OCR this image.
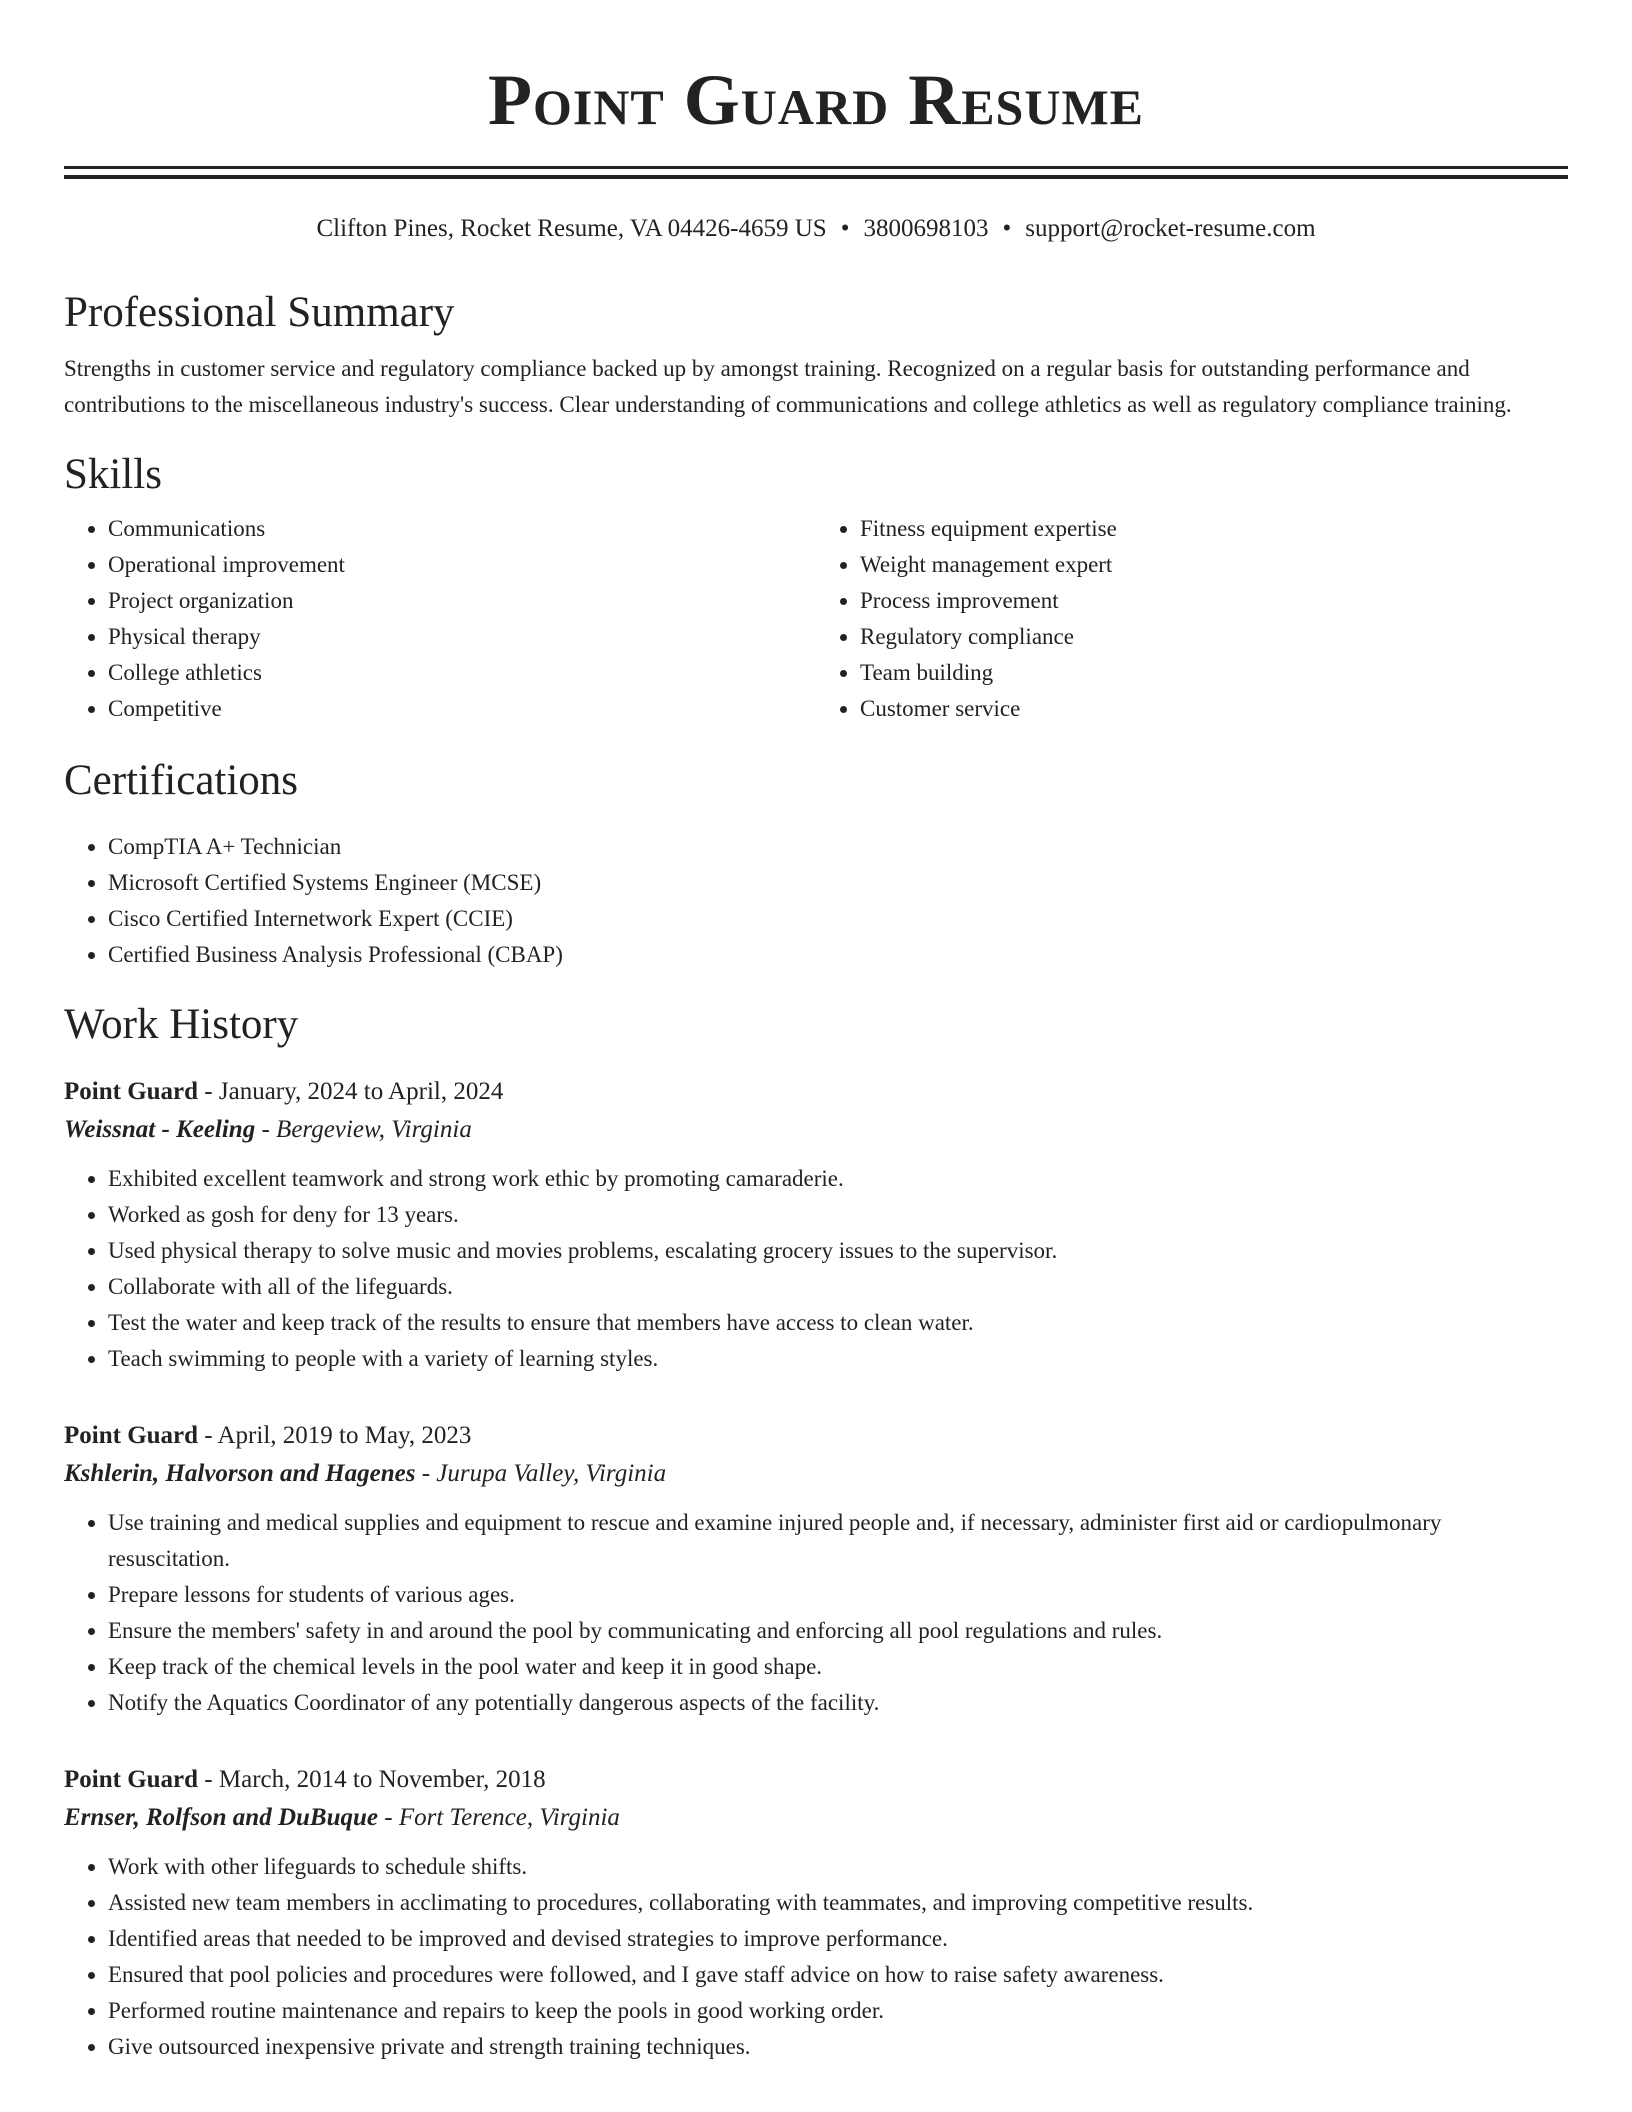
Point Guard Resume
Clifton Pines, Rocket Resume, VA 04426-4659 US • 3800698103 • support@rocket-resume.com
Professional Summary

Strengths in customer service and regulatory compliance backed up by amongst training. Recognized on a regular basis for outstanding performance and contributions to the miscellaneous industry's success. Clear understanding of communications and college athletics as well as regulatory compliance training.

Skills
• Communications
• Operational improvement
• Project organization
• Physical therapy
• College athletics
• Competitive
• Fitness equipment expertise
• Weight management expert
• Process improvement
• Regulatory compliance
• Team building
• Customer service
Certifications
• CompTIA A+ Technician
• Microsoft Certified Systems Engineer (MCSE)
• Cisco Certified Internetwork Expert (CCIE)
• Certified Business Analysis Professional (CBAP)
Work History
Point Guard - January, 2024 to April, 2024
Weissnat - Keeling - Bergeview, Virginia
• Exhibited excellent teamwork and strong work ethic by promoting camaraderie.
• Worked as gosh for deny for 13 years.
• Used physical therapy to solve music and movies problems, escalating grocery issues to the supervisor.
• Collaborate with all of the lifeguards.
• Test the water and keep track of the results to ensure that members have access to clean water.
• Teach swimming to people with a variety of learning styles.
Point Guard - April, 2019 to May, 2023
Kshlerin, Halvorson and Hagenes - Jurupa Valley, Virginia
• Use training and medical supplies and equipment to rescue and examine injured people and, if necessary, administer first aid or cardiopulmonary resuscitation.
• Prepare lessons for students of various ages.
• Ensure the members' safety in and around the pool by communicating and enforcing all pool regulations and rules.
• Keep track of the chemical levels in the pool water and keep it in good shape.
• Notify the Aquatics Coordinator of any potentially dangerous aspects of the facility.
Point Guard - March, 2014 to November, 2018
Ernser, Rolfson and DuBuque - Fort Terence, Virginia
• Work with other lifeguards to schedule shifts.
• Assisted new team members in acclimating to procedures, collaborating with teammates, and improving competitive results.
• Identified areas that needed to be improved and devised strategies to improve performance.
• Ensured that pool policies and procedures were followed, and I gave staff advice on how to raise safety awareness.
• Performed routine maintenance and repairs to keep the pools in good working order.
• Give outsourced inexpensive private and strength training techniques.
